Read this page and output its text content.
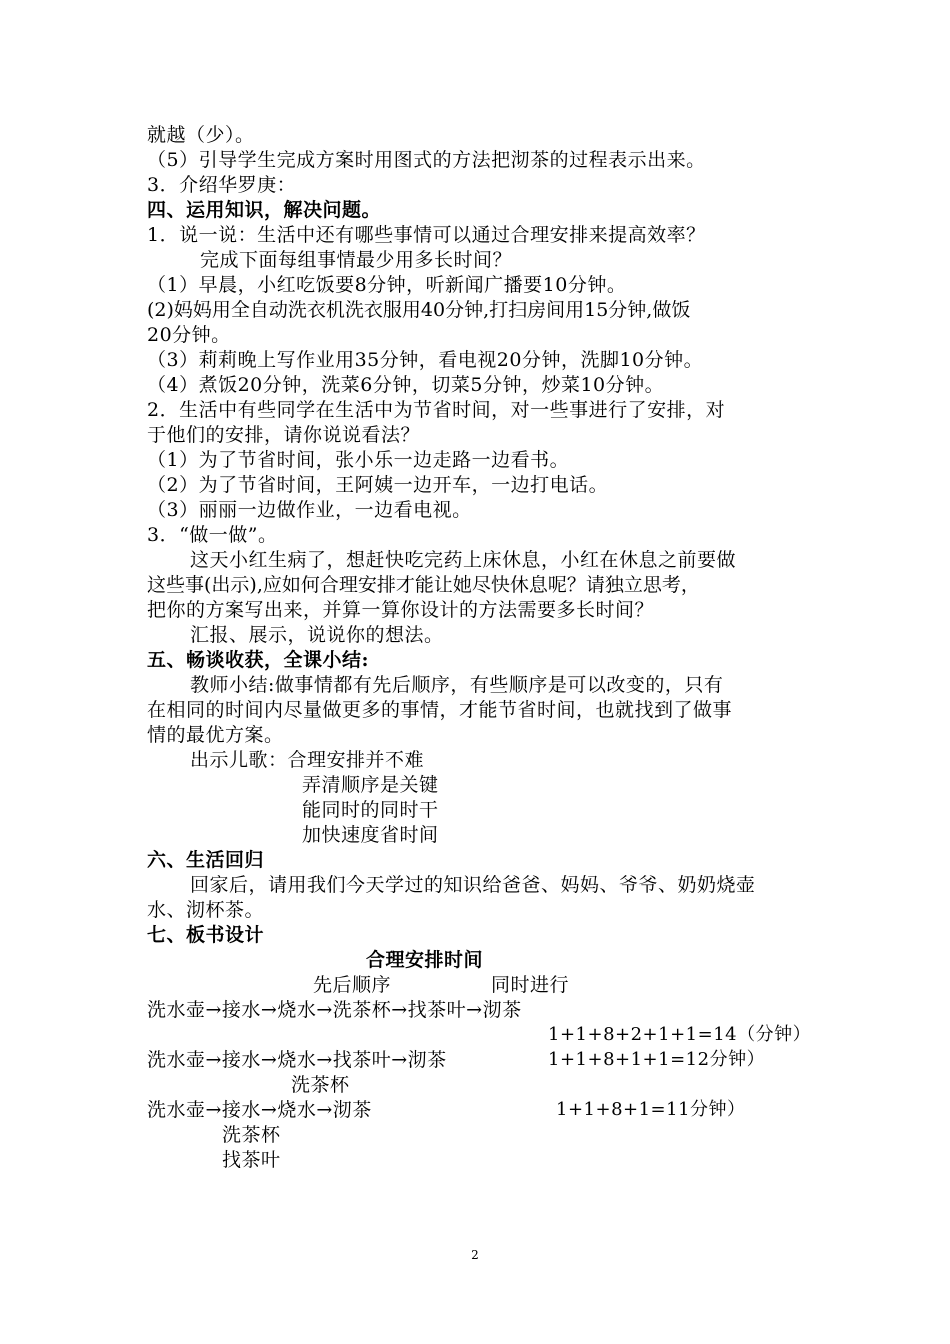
就越（少）。
（5）引导学生完成方案时用图式的方法把沏茶的过程表示出来。
3．介绍华罗庚：
四、运用知识，解决问题。
1．说一说：生活中还有哪些事情可以通过合理安排来提高效率？
完成下面每组事情最少用多长时间？
（1）早晨，小红吃饭要8分钟，听新闻广播要10分钟。
(2)妈妈用全自动洗衣机洗衣服用40分钟,打扫房间用15分钟,做饭
20分钟。
（3）莉莉晚上写作业用35分钟，看电视20分钟，洗脚10分钟。
（4）煮饭20分钟，洗菜6分钟，切菜5分钟，炒菜10分钟。
2．生活中有些同学在生活中为节省时间，对一些事进行了安排，对
于他们的安排，请你说说看法？
（1）为了节省时间，张小乐一边走路一边看书。
（2）为了节省时间，王阿姨一边开车，一边打电话。
（3）丽丽一边做作业，一边看电视。
3．“做一做”。
这天小红生病了，想赶快吃完药上床休息，小红在休息之前要做
这些事(出示),应如何合理安排才能让她尽快休息呢？请独立思考，
把你的方案写出来，并算一算你设计的方法需要多长时间？
汇报、展示，说说你的想法。
五、畅谈收获，全课小结:
教师小结:做事情都有先后顺序，有些顺序是可以改变的，只有
在相同的时间内尽量做更多的事情，才能节省时间，也就找到了做事
情的最优方案。
出示儿歌：合理安排并不难
弄清顺序是关键
能同时的同时干
加快速度省时间
六、生活回归
回家后，请用我们今天学过的知识给爸爸、妈妈、爷爷、奶奶烧壶
水、沏杯茶。
七、板书设计
合理安排时间
先后顺序	同时进行
洗水壶→接水→烧水→洗茶杯→找茶叶→沏茶
1+1+8+2+1+1=14（分钟）
洗水壶→接水→烧水→找茶叶→沏茶	1+1+8+1+1=12分钟）
洗茶杯
洗水壶→接水→烧水→沏茶	1+1+8+1=11分钟）
洗茶杯
找茶叶
2
